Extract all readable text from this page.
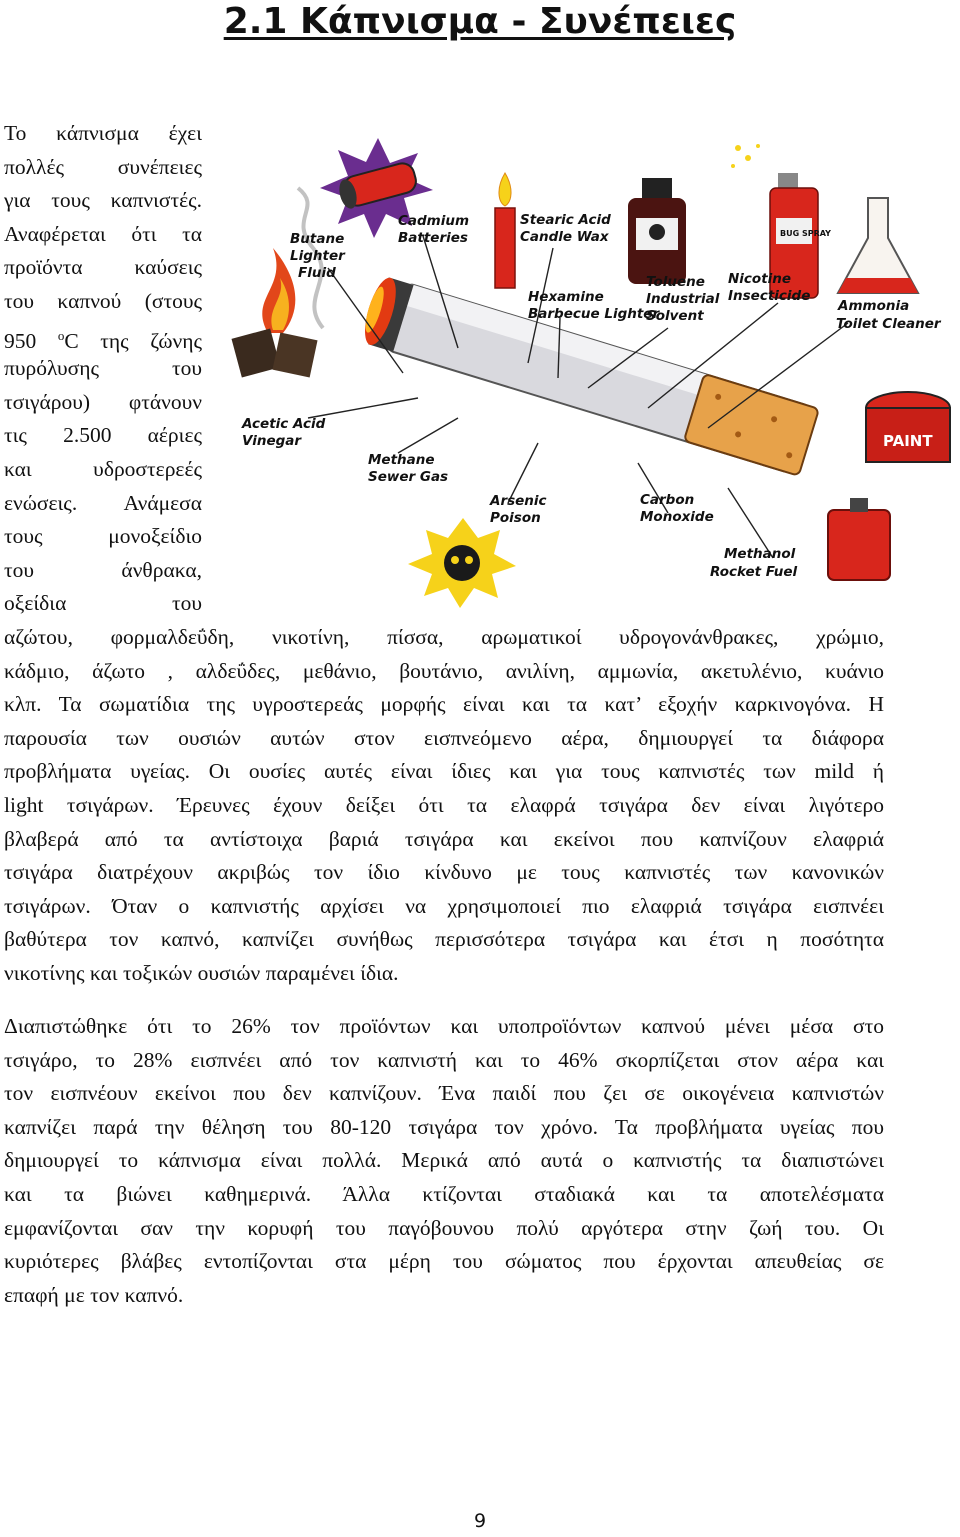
2.1 Κάπνισμα - Συνέπειες
Το κάπνισμα έχει
πολλές συνέπειες
για τους καπνιστές.
Αναφέρεται ότι τα
προϊόντα καύσεις
του καπνού (στους
950 $^o$C της ζώνης
πυρόλυσης του
τσιγάρου) φτάνουν
τις 2.500 αέριες
και υδροστερεές
ενώσεις. Ανάμεσα
τους μονοξείδιο
του άνθρακα,
οξείδια του
BUG SPRAY
PAINT
Butane
Lighter
Fluid
Cadmium
Batteries
Stearic Acid
Candle Wax
Toluene
Industrial
Solvent
Nicotine
Insecticide
Ammonia
Toilet Cleaner
Hexamine
Barbecue Lighter
Acetic Acid
Vinegar
Methane
Sewer Gas
Arsenic
Poison
Carbon
Monoxide
Methanol
Rocket Fuel
αζώτου, φορμαλδεΰδη, νικοτίνη, πίσσα, αρωματικοί υδρογονάνθρακες, χρώμιο,
κάδμιο, άζωτο , αλδεΰδες, μεθάνιο, βουτάνιο, ανιλίνη, αμμωνία, ακετυλένιο, κυάνιο
κλπ. Τα σωματίδια της υγροστερεάς μορφής είναι και τα κατ’ εξοχήν καρκινογόνα. Η
παρουσία των ουσιών αυτών στον εισπνεόμενο αέρα, δημιουργεί τα διάφορα
προβλήματα υγείας. Οι ουσίες αυτές είναι ίδιες και για τους καπνιστές των mild ή
light τσιγάρων. Έρευνες έχουν δείξει ότι τα ελαφρά τσιγάρα δεν είναι λιγότερο
βλαβερά από τα αντίστοιχα βαριά τσιγάρα και εκείνοι που καπνίζουν ελαφριά
τσιγάρα διατρέχουν ακριβώς τον ίδιο κίνδυνο με τους καπνιστές των κανονικών
τσιγάρων. Όταν ο καπνιστής αρχίσει να χρησιμοποιεί πιο ελαφριά τσιγάρα εισπνέει
βαθύτερα τον καπνό, καπνίζει συνήθως περισσότερα τσιγάρα και έτσι η ποσότητα
νικοτίνης και τοξικών ουσιών παραμένει ίδια.
Διαπιστώθηκε ότι το 26% τον προϊόντων και υποπροϊόντων καπνού μένει μέσα στο
τσιγάρο, το 28% εισπνέει από τον καπνιστή και το 46% σκορπίζεται στον αέρα και
τον εισπνέουν εκείνοι που δεν καπνίζουν. Ένα παιδί που ζει σε οικογένεια καπνιστών
καπνίζει παρά την θέληση του 80-120 τσιγάρα τον χρόνο. Τα προβλήματα υγείας που
δημιουργεί το κάπνισμα είναι πολλά. Μερικά από αυτά ο καπνιστής τα διαπιστώνει
και τα βιώνει καθημερινά. Άλλα κτίζονται σταδιακά και τα αποτελέσματα
εμφανίζονται σαν την κορυφή του παγόβουνου πολύ αργότερα στην ζωή του. Οι
κυριότερες βλάβες εντοπίζονται στα μέρη του σώματος που έρχονται απευθείας σε
επαφή με τον καπνό.
9
